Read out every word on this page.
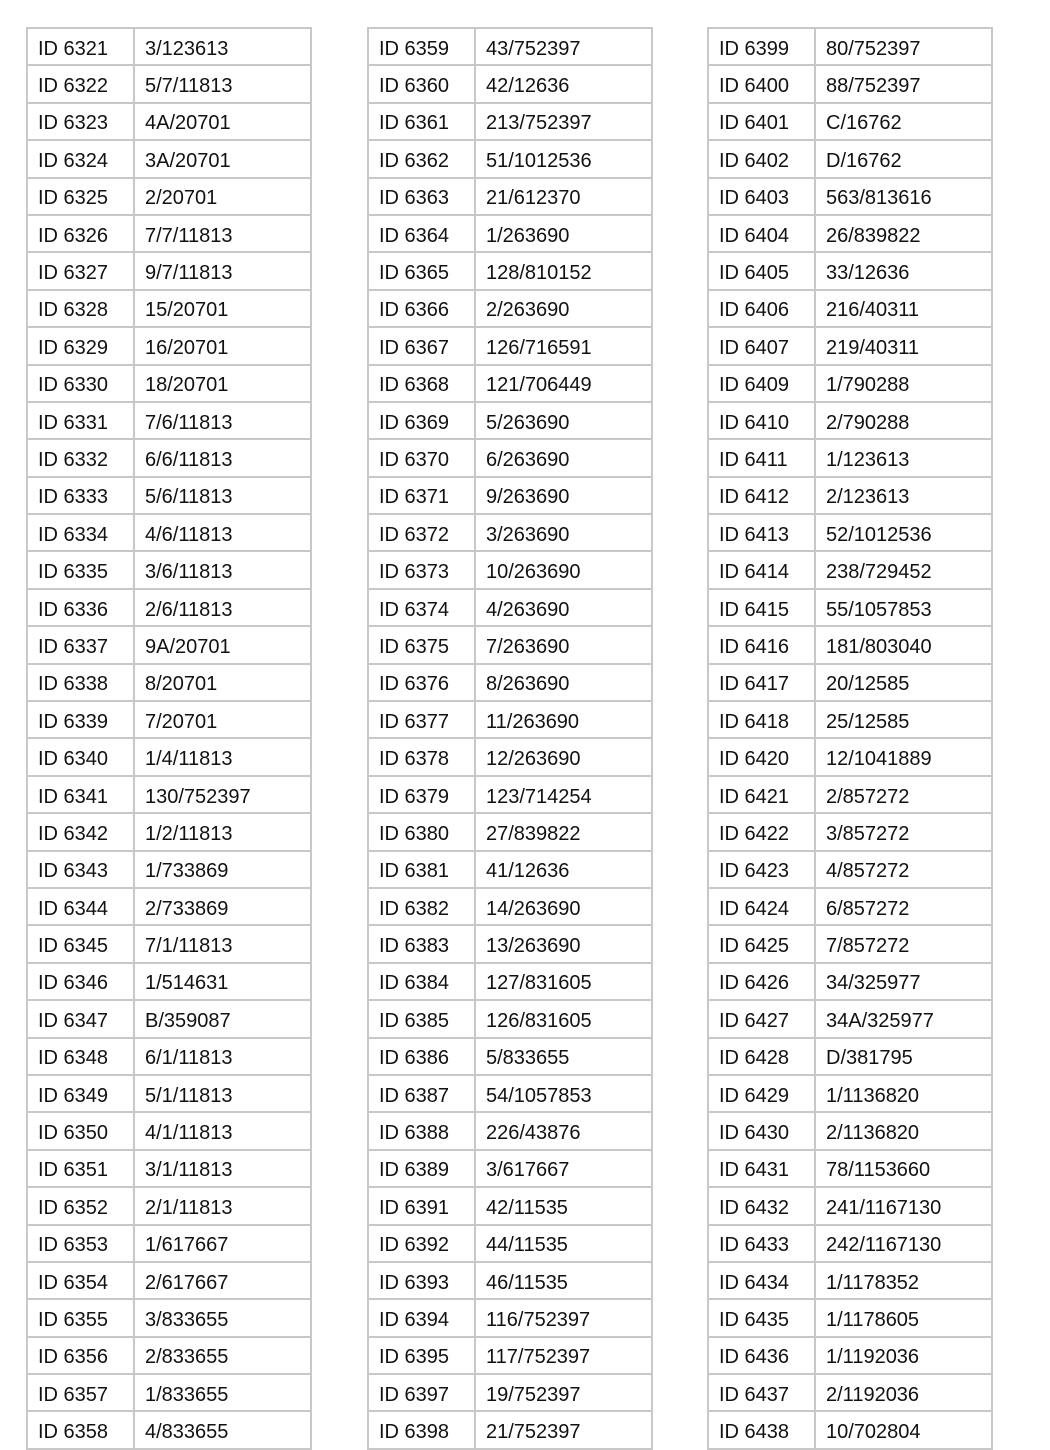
ID 6321	3/123613
ID 6322	5/7/11813
ID 6323	4A/20701
ID 6324	3A/20701
ID 6325	2/20701
ID 6326	7/7/11813
ID 6327	9/7/11813
ID 6328	15/20701
ID 6329	16/20701
ID 6330	18/20701
ID 6331	7/6/11813
ID 6332	6/6/11813
ID 6333	5/6/11813
ID 6334	4/6/11813
ID 6335	3/6/11813
ID 6336	2/6/11813
ID 6337	9A/20701
ID 6338	8/20701
ID 6339	7/20701
ID 6340	1/4/11813
ID 6341	130/752397
ID 6342	1/2/11813
ID 6343	1/733869
ID 6344	2/733869
ID 6345	7/1/11813
ID 6346	1/514631
ID 6347	B/359087
ID 6348	6/1/11813
ID 6349	5/1/11813
ID 6350	4/1/11813
ID 6351	3/1/11813
ID 6352	2/1/11813
ID 6353	1/617667
ID 6354	2/617667
ID 6355	3/833655
ID 6356	2/833655
ID 6357	1/833655
ID 6358	4/833655
ID 6359	43/752397
ID 6360	42/12636
ID 6361	213/752397
ID 6362	51/1012536
ID 6363	21/612370
ID 6364	1/263690
ID 6365	128/810152
ID 6366	2/263690
ID 6367	126/716591
ID 6368	121/706449
ID 6369	5/263690
ID 6370	6/263690
ID 6371	9/263690
ID 6372	3/263690
ID 6373	10/263690
ID 6374	4/263690
ID 6375	7/263690
ID 6376	8/263690
ID 6377	11/263690
ID 6378	12/263690
ID 6379	123/714254
ID 6380	27/839822
ID 6381	41/12636
ID 6382	14/263690
ID 6383	13/263690
ID 6384	127/831605
ID 6385	126/831605
ID 6386	5/833655
ID 6387	54/1057853
ID 6388	226/43876
ID 6389	3/617667
ID 6391	42/11535
ID 6392	44/11535
ID 6393	46/11535
ID 6394	116/752397
ID 6395	117/752397
ID 6397	19/752397
ID 6398	21/752397
ID 6399	80/752397
ID 6400	88/752397
ID 6401	C/16762
ID 6402	D/16762
ID 6403	563/813616
ID 6404	26/839822
ID 6405	33/12636
ID 6406	216/40311
ID 6407	219/40311
ID 6409	1/790288
ID 6410	2/790288
ID 6411	1/123613
ID 6412	2/123613
ID 6413	52/1012536
ID 6414	238/729452
ID 6415	55/1057853
ID 6416	181/803040
ID 6417	20/12585
ID 6418	25/12585
ID 6420	12/1041889
ID 6421	2/857272
ID 6422	3/857272
ID 6423	4/857272
ID 6424	6/857272
ID 6425	7/857272
ID 6426	34/325977
ID 6427	34A/325977
ID 6428	D/381795
ID 6429	1/1136820
ID 6430	2/1136820
ID 6431	78/1153660
ID 6432	241/1167130
ID 6433	242/1167130
ID 6434	1/1178352
ID 6435	1/1178605
ID 6436	1/1192036
ID 6437	2/1192036
ID 6438	10/702804
